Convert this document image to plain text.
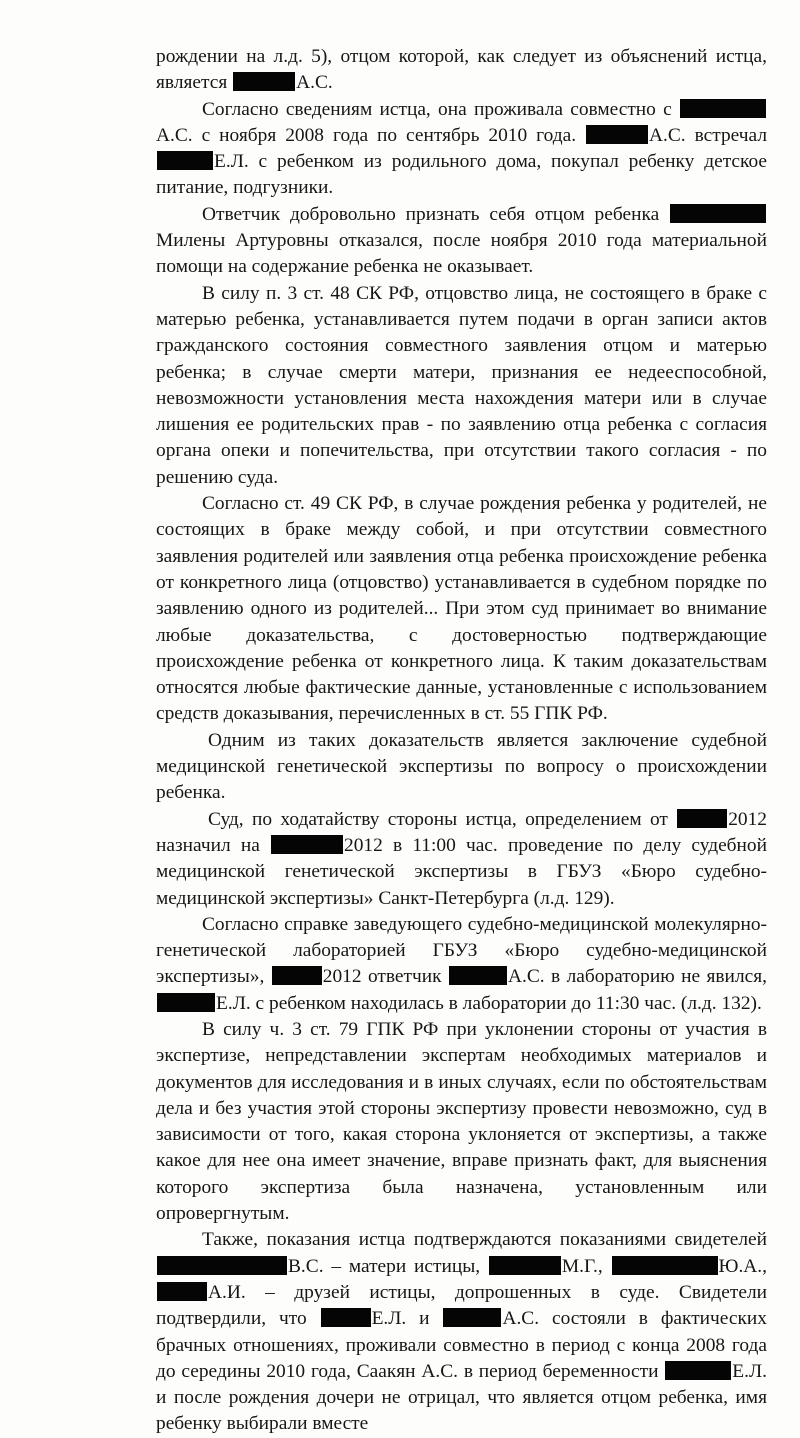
рождении на л.д. 5), отцом которой, как следует из объяснений истца, является	А.С.

Согласно сведениям истца, она проживала совместно с А.С. с ноября 2008 года по сентябрь 2010 года.	А.С. встречал Е.Л. с ребенком из родильного дома, покупал ребенку детское питание, подгузники.

Ответчик добровольно признать себя отцом ребенка Милены Артуровны отказался, после ноября 2010 года материальной помощи на содержание ребенка не оказывает.

В силу п. 3 ст. 48 СК РФ, отцовство лица, не состоящего в браке с матерью ребенка, устанавливается путем подачи в орган записи актов гражданского состояния совместного заявления отцом и матерью ребенка; в случае смерти матери, признания ее недееспособной, невозможности установления места нахождения матери или в случае лишения ее родительских прав - по заявлению отца ребенка с согласия органа опеки и попечительства, при отсутствии такого согласия - по решению суда.

Согласно ст. 49 СК РФ, в случае рождения ребенка у родителей, не состоящих в браке между собой, и при отсутствии совместного заявления родителей или заявления отца ребенка происхождение ребенка от конкретного лица (отцовство) устанавливается в судебном порядке по заявлению одного из родителей... При этом суд принимает во внимание любые доказательства, с достоверностью подтверждающие происхождение ребенка от конкретного лица. К таким доказательствам относятся любые фактические данные, установленные с использованием средств доказывания, перечисленных в ст. 55 ГПК РФ.

Одним из таких доказательств является заключение судебной медицинской генетической экспертизы по вопросу о происхождении ребенка.

Суд, по ходатайству стороны истца, определением от	2012 назначил на	2012 в 11:00 час. проведение по делу судебной медицинской генетической экспертизы в ГБУЗ «Бюро судебно-медицинской экспертизы» Санкт-Петербурга (л.д. 129).

Согласно справке заведующего судебно-медицинской молекулярно-генетической лабораторией ГБУЗ «Бюро судебно-медицинской экспертизы»,	2012 ответчик	А.С. в лабораторию не явился, Е.Л. с ребенком находилась в лаборатории до 11:30 час. (л.д. 132).

В силу ч. 3 ст. 79 ГПК РФ при уклонении стороны от участия в экспертизе, непредставлении экспертам необходимых материалов и документов для исследования и в иных случаях, если по обстоятельствам дела и без участия этой стороны экспертизу провести невозможно, суд в зависимости от того, какая сторона уклоняется от экспертизы, а также какое для нее она имеет значение, вправе признать факт, для выяснения которого экспертиза была назначена, установленным или опровергнутым.

Также, показания истца подтверждаются показаниями свидетелей В.С. – матери истицы,	М.Г.,	Ю.А., А.И. – друзей истицы, допрошенных в суде. Свидетели подтвердили, что	Е.Л. и	А.С. состояли в фактических брачных отношениях, проживали совместно в период с конца 2008 года до середины 2010 года, Саакян А.С. в период беременности	Е.Л. и после рождения дочери не отрицал, что является отцом ребенка, имя ребенку выбирали вместе
